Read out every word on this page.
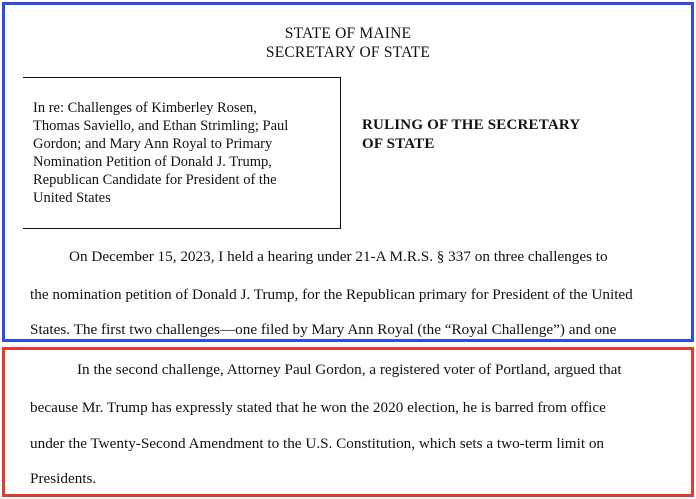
STATE OF MAINE
SECRETARY OF STATE
In re: Challenges of Kimberley Rosen,
Thomas Saviello, and Ethan Strimling; Paul
Gordon; and Mary Ann Royal to Primary
Nomination Petition of Donald J. Trump,
Republican Candidate for President of the
United States
RULING OF THE SECRETARY
OF STATE
On December 15, 2023, I held a hearing under 21-A M.R.S. § 337 on three challenges to
the nomination petition of Donald J. Trump, for the Republican primary for President of the United
States. The first two challenges—one filed by Mary Ann Royal (the “Royal Challenge”) and one
In the second challenge, Attorney Paul Gordon, a registered voter of Portland, argued that
because Mr. Trump has expressly stated that he won the 2020 election, he is barred from office
under the Twenty-Second Amendment to the U.S. Constitution, which sets a two-term limit on
Presidents.
